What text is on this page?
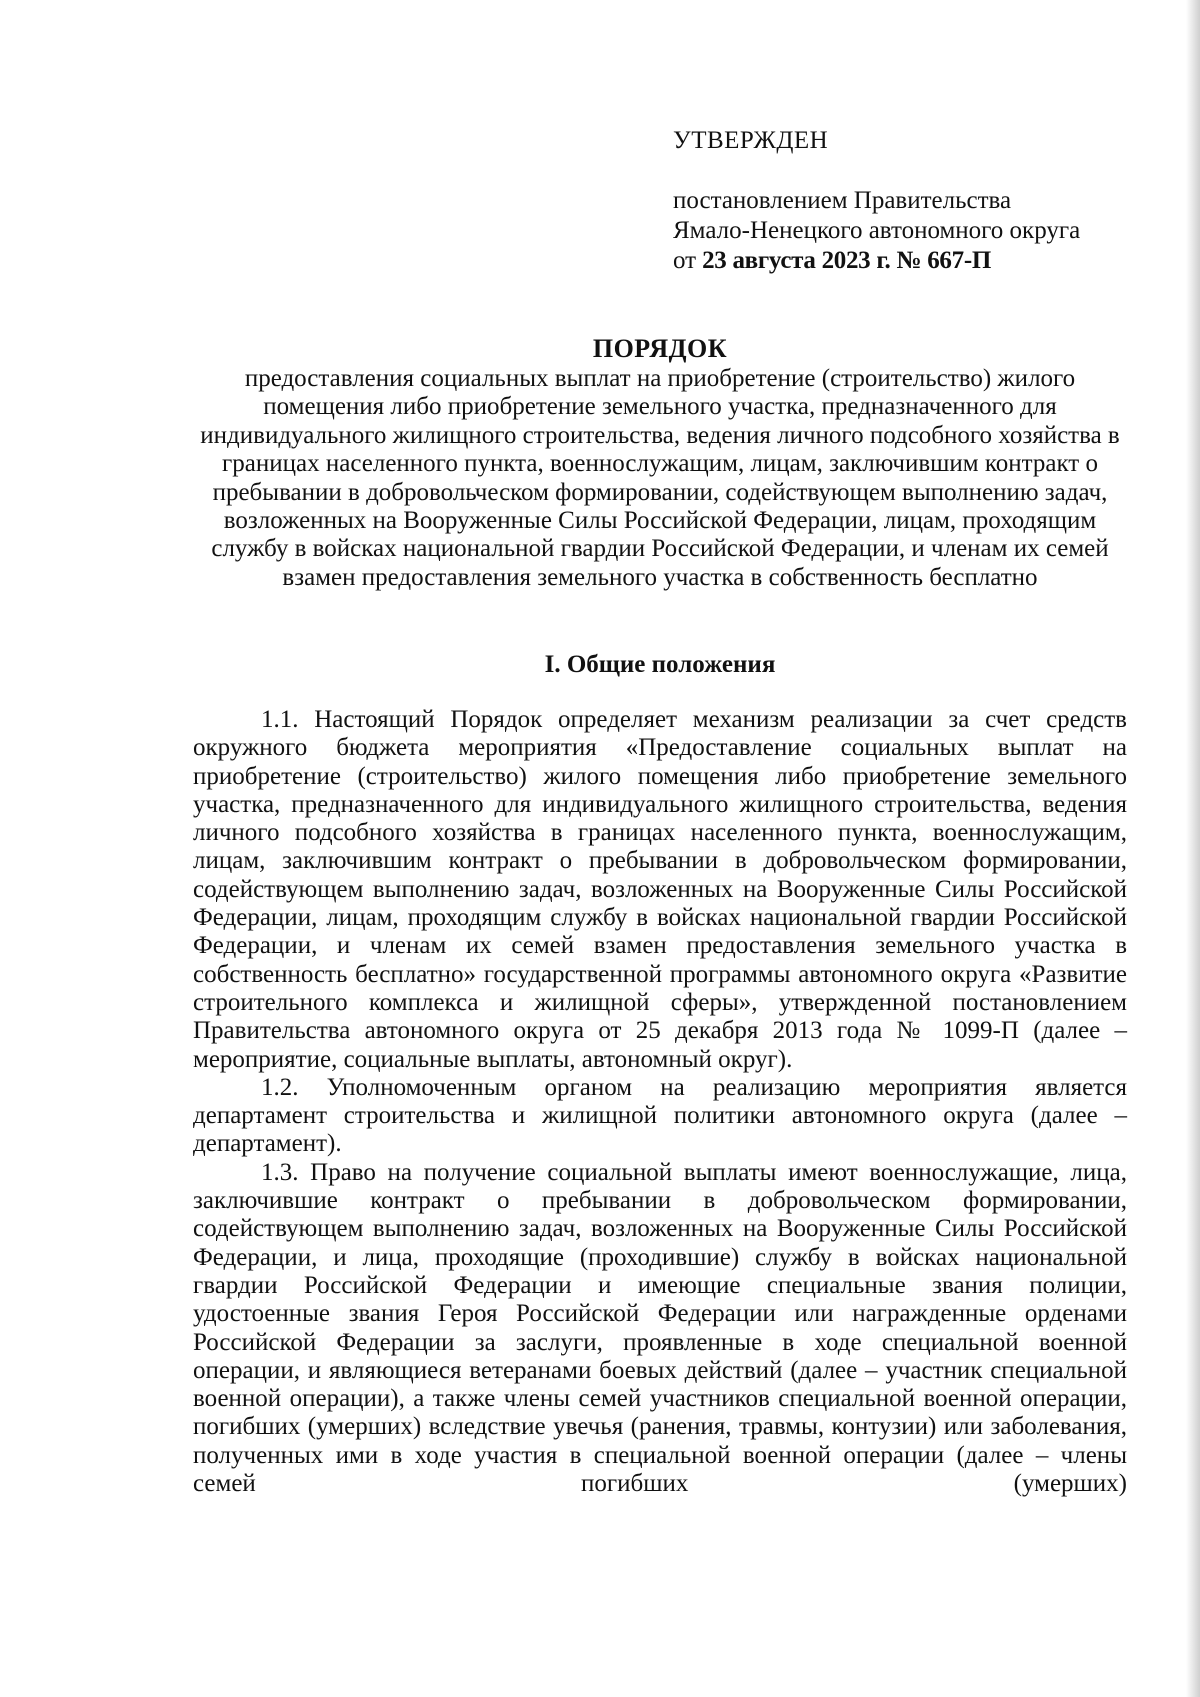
УТВЕРЖДЕН
постановлением Правительства
Ямало-Ненецкого автономного округа
от 23 августа 2023 г. № 667-П
ПОРЯДОК
предоставления социальных выплат на приобретение (строительство) жилого помещения либо приобретение земельного участка, предназначенного для индивидуального жилищного строительства, ведения личного подсобного хозяйства в границах населенного пункта, военнослужащим, лицам, заключившим контракт о пребывании в добровольческом формировании, содействующем выполнению задач, возложенных на Вооруженные Силы Российской Федерации, лицам, проходящим службу в войсках национальной гвардии Российской Федерации, и членам их семей взамен предоставления земельного участка в собственность бесплатно
I. Общие положения

1.1. Настоящий Порядок определяет механизм реализации за счет средств окружного бюджета мероприятия «Предоставление социальных выплат на приобретение (строительство) жилого помещения либо приобретение земельного участка, предназначенного для индивидуального жилищного строительства, ведения личного подсобного хозяйства в границах населенного пункта, военнослужащим, лицам, заключившим контракт о пребывании в добровольческом формировании, содействующем выполнению задач, возложенных на Вооруженные Силы Российской Федерации, лицам, проходящим службу в войсках национальной гвардии Российской Федерации, и членам их семей взамен предоставления земельного участка в собственность бесплатно» государственной программы автономного округа «Развитие строительного комплекса и жилищной сферы», утвержденной постановлением Правительства автономного округа от 25 декабря 2013 года № 1099-П (далее – мероприятие, социальные выплаты, автономный округ).

1.2. Уполномоченным органом на реализацию мероприятия является департамент строительства и жилищной политики автономного округа (далее – департамент).

1.3. Право на получение социальной выплаты имеют военнослужащие, лица, заключившие контракт о пребывании в добровольческом формировании, содействующем выполнению задач, возложенных на Вооруженные Силы Российской Федерации, и лица, проходящие (проходившие) службу в войсках национальной гвардии Российской Федерации и имеющие специальные звания полиции, удостоенные звания Героя Российской Федерации или награжденные орденами Российской Федерации за заслуги, проявленные в ходе специальной военной операции, и являющиеся ветеранами боевых действий (далее – участник специальной военной операции), а также члены семей участников специальной военной операции, погибших (умерших) вследствие увечья (ранения, травмы, контузии) или заболевания, полученных ими в ходе участия в специальной военной операции (далее – члены семей погибших (умерших)
